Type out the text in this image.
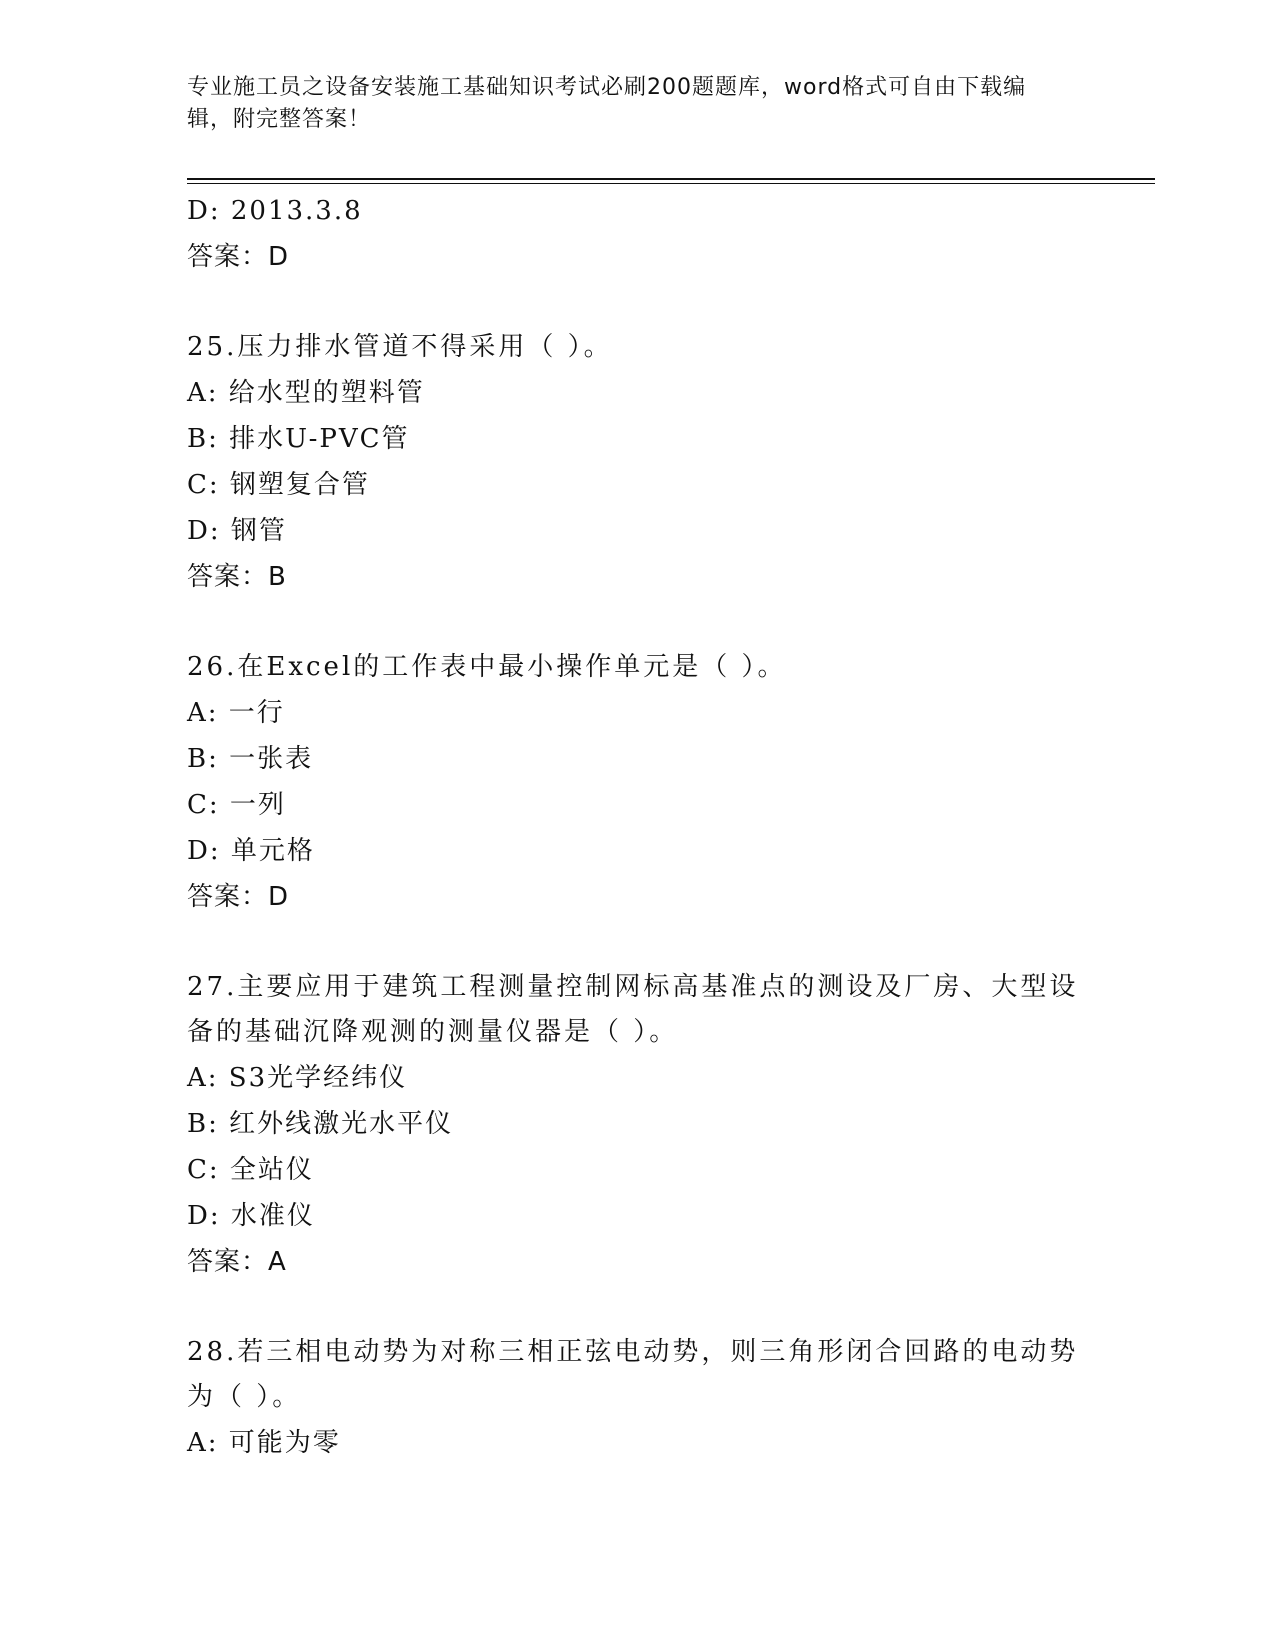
专业施工员之设备安装施工基础知识考试必刷200题题库，word格式可自由下载编辑，附完整答案！
D: 2013.3.8
答案：D
25.压力排水管道不得采用（ ）。
A: 给水型的塑料管
B: 排水U-PVC管
C: 钢塑复合管
D: 钢管
答案：B
26.在Excel的工作表中最小操作单元是（ ）。
A: 一行
B: 一张表
C: 一列
D: 单元格
答案：D
27.主要应用于建筑工程测量控制网标高基准点的测设及厂房、大型设备的基础沉降观测的测量仪器是（ ）。
A: S3光学经纬仪
B: 红外线激光水平仪
C: 全站仪
D: 水准仪
答案：A
28.若三相电动势为对称三相正弦电动势，则三角形闭合回路的电动势为（ ）。
A: 可能为零
